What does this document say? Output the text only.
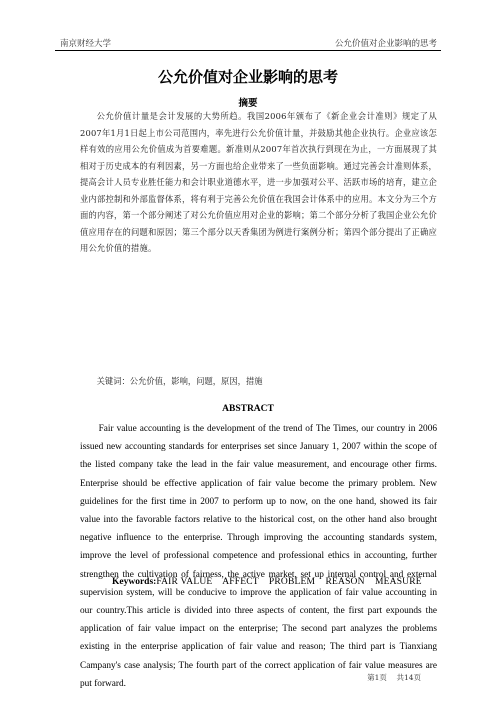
南京财经大学	公允价值对企业影响的思考
公允价值对企业影响的思考
摘要
公允价值计量是会计发展的大势所趋。我国2006年颁布了《新企业会计准则》规定了从2007年1月1日起上市公司范围内，率先进行公允价值计量，并鼓励其他企业执行。企业应该怎样有效的应用公允价值成为首要难题。新准则从2007年首次执行到现在为止，一方面展现了其相对于历史成本的有利因素，另一方面也给企业带来了一些负面影响。通过完善会计准则体系，提高会计人员专业胜任能力和会计职业道德水平，进一步加强对公平、活跃市场的培育，建立企业内部控制和外部监督体系，将有利于完善公允价值在我国会计体系中的应用。本文分为三个方面的内容，第一个部分阐述了对公允价值应用对企业的影响；第二个部分分析了我国企业公允价值应用存在的问题和原因；第三个部分以天香集团为例进行案例分析；第四个部分提出了正确应用公允价值的措施。
关键词：公允价值，影响，问题，原因，措施
ABSTRACT
Fair value accounting is the development of the trend of The Times, our country in 2006 issued new accounting standards for enterprises set since January 1, 2007 within the scope of the listed company take the lead in the fair value measurement, and encourage other firms. Enterprise should be effective application of fair value become the primary problem. New guidelines for the first time in 2007 to perform up to now, on the one hand, showed its fair value into the favorable factors relative to the historical cost, on the other hand also brought negative influence to the enterprise. Through improving the accounting standards system, improve the level of professional competence and professional ethics in accounting, further strengthen the cultivation of fairness, the active market, set up internal control and external supervision system, will be conducive to improve the application of fair value accounting in our country.This article is divided into three aspects of content, the first part expounds the application of fair value impact on the enterprise; The second part analyzes the problems existing in the enterprise application of fair value and reason; The third part is Tianxiang Campany's case analysis; The fourth part of the correct application of fair value measures are put forward.
Keywords:FAIR VALUE    AFFECT    PROBLEM    REASON    MEASURE
第1页    共14页
